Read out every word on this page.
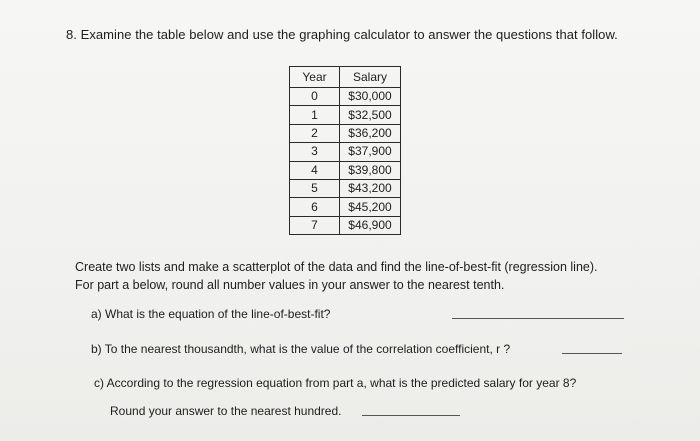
8. Examine the table below and use the graphing calculator to answer the questions that follow.
Year	Salary
0	$30,000
1	$32,500
2	$36,200
3	$37,900
4	$39,800
5	$43,200
6	$45,200
7	$46,900
Create two lists and make a scatterplot of the data and find the line-of-best-fit (regression line).
For part a below, round all number values in your answer to the nearest tenth.
a) What is the equation of the line-of-best-fit?
b) To the nearest thousandth, what is the value of the correlation coefficient, r ?
c) According to the regression equation from part a, what is the predicted salary for year 8?
Round your answer to the nearest hundred.
